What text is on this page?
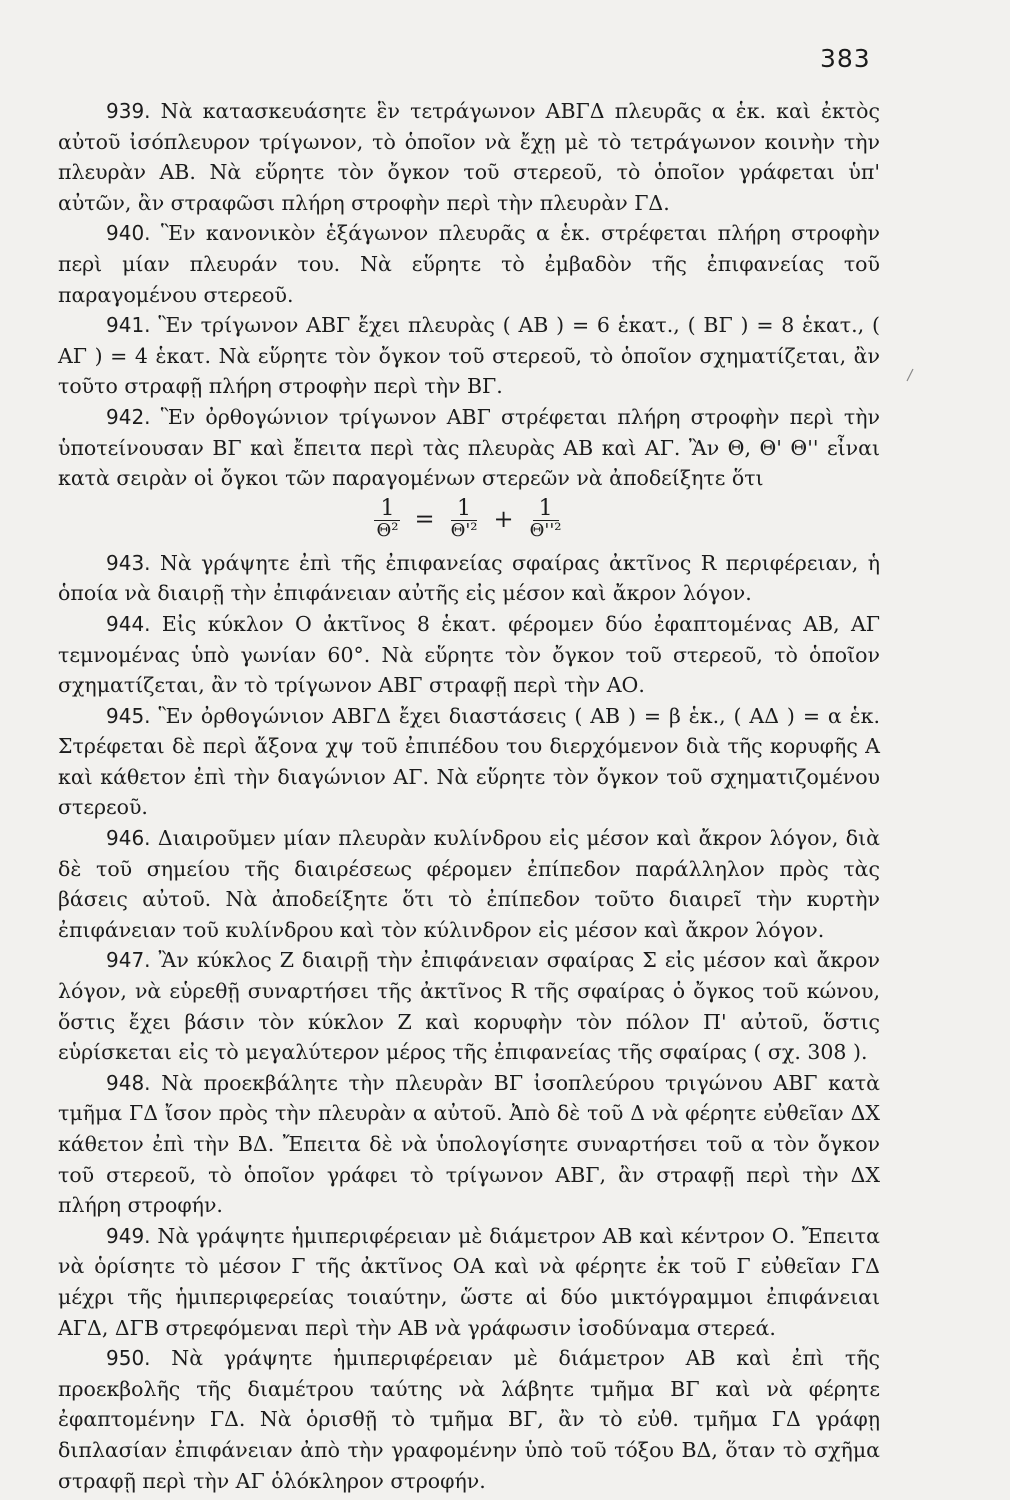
383

939. Νὰ κατασκευάσητε ἓν τετράγωνον ΑΒΓΔ πλευρᾶς α ἑκ. καὶ ἐκτὸς αὐτοῦ ἰσόπλευρον τρίγωνον, τὸ ὁποῖον νὰ ἔχῃ μὲ τὸ τετράγωνον κοινὴν τὴν πλευρὰν ΑΒ. Νὰ εὕρητε τὸν ὄγκον τοῦ στερεοῦ, τὸ ὁποῖον γράφεται ὑπ' αὐτῶν, ἂν στραφῶσι πλήρη στροφὴν περὶ τὴν πλευρὰν ΓΔ.

940. Ἓν κανονικὸν ἑξάγωνον πλευρᾶς α ἑκ. στρέφεται πλήρη στροφὴν περὶ μίαν πλευράν του. Νὰ εὕρητε τὸ ἐμβαδὸν τῆς ἐπιφανείας τοῦ παραγομένου στερεοῦ.

941. Ἓν τρίγωνον ΑΒΓ ἔχει πλευρὰς ( ΑΒ ) = 6 ἑκατ., ( ΒΓ ) = 8 ἑκατ., ( ΑΓ ) = 4 ἑκατ. Νὰ εὕρητε τὸν ὄγκον τοῦ στερεοῦ, τὸ ὁποῖον σχηματίζεται, ἂν τοῦτο στραφῇ πλήρη στροφὴν περὶ τὴν ΒΓ.

942. Ἓν ὀρθογώνιον τρίγωνον ΑΒΓ στρέφεται πλήρη στροφὴν περὶ τὴν ὑποτείνουσαν ΒΓ καὶ ἔπειτα περὶ τὰς πλευρὰς ΑΒ καὶ ΑΓ. Ἂν Θ, Θ' Θ'' εἶναι κατὰ σειρὰν οἱ ὄγκοι τῶν παραγομένων στερεῶν νὰ ἀποδείξητε ὅτι

$\frac{1}{\text{Θ²}} = \frac{1}{\text{Θ'²}} + \frac{1}{\text{Θ''²}}$

943. Νὰ γράψητε ἐπὶ τῆς ἐπιφανείας σφαίρας ἀκτῖνος R περιφέρειαν, ἡ ὁποία νὰ διαιρῇ τὴν ἐπιφάνειαν αὐτῆς εἰς μέσον καὶ ἄκρον λόγον.

944. Εἰς κύκλον Ο ἀκτῖνος 8 ἑκατ. φέρομεν δύο ἐφαπτομένας ΑΒ, ΑΓ τεμνομένας ὑπὸ γωνίαν 60°. Νὰ εὕρητε τὸν ὄγκον τοῦ στερεοῦ, τὸ ὁποῖον σχηματίζεται, ἂν τὸ τρίγωνον ΑΒΓ στραφῇ περὶ τὴν ΑΟ.

945. Ἓν ὀρθογώνιον ΑΒΓΔ ἔχει διαστάσεις ( ΑΒ ) = β ἑκ., ( ΑΔ ) = α ἑκ. Στρέφεται δὲ περὶ ἄξονα χψ τοῦ ἐπιπέδου του διερχόμενον διὰ τῆς κορυφῆς Α καὶ κάθετον ἐπὶ τὴν διαγώνιον ΑΓ. Νὰ εὕρητε τὸν ὄγκον τοῦ σχηματιζομένου στερεοῦ.

946. Διαιροῦμεν μίαν πλευρὰν κυλίνδρου εἰς μέσον καὶ ἄκρον λόγον, διὰ δὲ τοῦ σημείου τῆς διαιρέσεως φέρομεν ἐπίπεδον παράλληλον πρὸς τὰς βάσεις αὐτοῦ. Νὰ ἀποδείξητε ὅτι τὸ ἐπίπεδον τοῦτο διαιρεῖ τὴν κυρτὴν ἐπιφάνειαν τοῦ κυλίνδρου καὶ τὸν κύλινδρον εἰς μέσον καὶ ἄκρον λόγον.

947. Ἂν κύκλος Ζ διαιρῇ τὴν ἐπιφάνειαν σφαίρας Σ εἰς μέσον καὶ ἄκρον λόγον, νὰ εὑρεθῇ συναρτήσει τῆς ἀκτῖνος R τῆς σφαίρας ὁ ὄγκος τοῦ κώνου, ὅστις ἔχει βάσιν τὸν κύκλον Ζ καὶ κορυφὴν τὸν πόλον Π' αὐτοῦ, ὅστις εὑρίσκεται εἰς τὸ μεγαλύτερον μέρος τῆς ἐπιφανείας τῆς σφαίρας ( σχ. 308 ).

948. Νὰ προεκβάλητε τὴν πλευρὰν ΒΓ ἰσοπλεύρου τριγώνου ΑΒΓ κατὰ τμῆμα ΓΔ ἴσον πρὸς τὴν πλευρὰν α αὐτοῦ. Ἀπὸ δὲ τοῦ Δ νὰ φέρητε εὐθεῖαν ΔΧ κάθετον ἐπὶ τὴν ΒΔ. Ἔπειτα δὲ νὰ ὑπολογίσητε συναρτήσει τοῦ α τὸν ὄγκον τοῦ στερεοῦ, τὸ ὁποῖον γράφει τὸ τρίγωνον ΑΒΓ, ἂν στραφῇ περὶ τὴν ΔΧ πλήρη στροφήν.

949. Νὰ γράψητε ἡμιπεριφέρειαν μὲ διάμετρον ΑΒ καὶ κέντρον Ο. Ἔπειτα νὰ ὁρίσητε τὸ μέσον Γ τῆς ἀκτῖνος ΟΑ καὶ νὰ φέρητε ἐκ τοῦ Γ εὐθεῖαν ΓΔ μέχρι τῆς ἡμιπεριφερείας τοιαύτην, ὥστε αἱ δύο μικτόγραμμοι ἐπιφάνειαι ΑΓΔ, ΔΓΒ στρεφόμεναι περὶ τὴν ΑΒ νὰ γράφωσιν ἰσοδύναμα στερεά.

950. Νὰ γράψητε ἡμιπεριφέρειαν μὲ διάμετρον ΑΒ καὶ ἐπὶ τῆς προεκβολῆς τῆς διαμέτρου ταύτης νὰ λάβητε τμῆμα ΒΓ καὶ νὰ φέρητε ἐφαπτομένην ΓΔ. Νὰ ὁρισθῇ τὸ τμῆμα ΒΓ, ἂν τὸ εὐθ. τμῆμα ΓΔ γράφῃ διπλασίαν ἐπιφάνειαν ἀπὸ τὴν γραφομένην ὑπὸ τοῦ τόξου ΒΔ, ὅταν τὸ σχῆμα στραφῇ περὶ τὴν ΑΓ ὁλόκληρον στροφήν.
